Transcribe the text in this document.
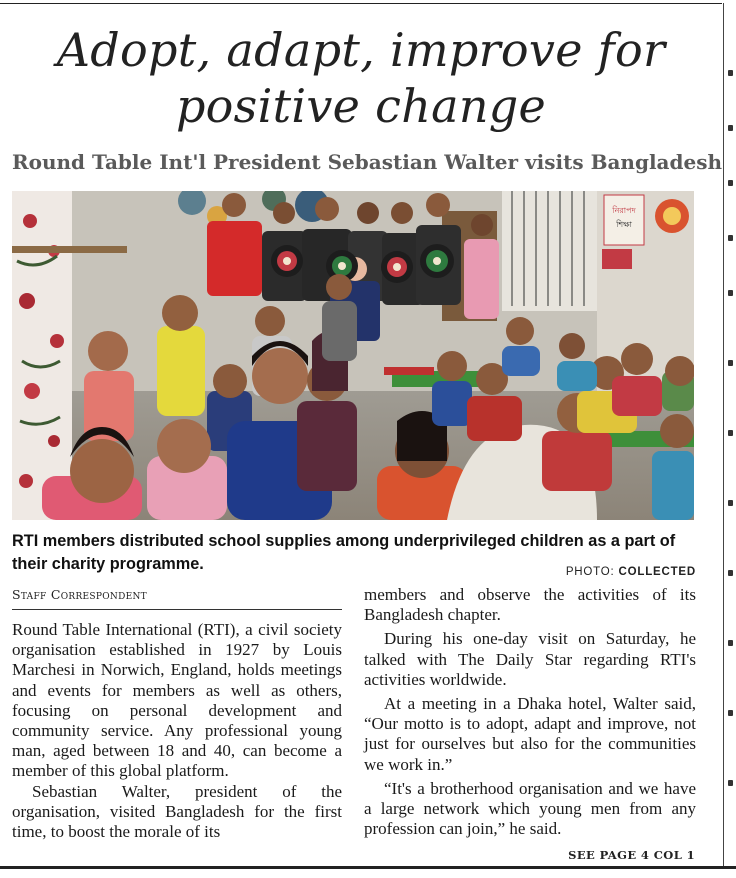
Adopt, adapt, improve for
positive change
Round Table Int'l President Sebastian Walter visits Bangladesh
নিরাপদ
শিক্ষা
RTI members distributed school supplies among underprivileged children as a part of their charity programme.	PHOTO: COLLECTED
Staff Correspondent

Round Table International (RTI), a civil society organisation established in 1927 by Louis Marchesi in Norwich, England, holds meetings and events for members as well as others, focusing on personal development and community service. Any professional young man, aged between 18 and 40, can become a member of this global platform.

Sebastian Walter, president of the organisation, visited Bangladesh for the first time, to boost the morale of its

members and observe the activities of its Bangladesh chapter.

During his one-day visit on Saturday, he talked with The Daily Star regarding RTI's activities worldwide.

At a meeting in a Dhaka hotel, Walter said, “Our motto is to adopt, adapt and improve, not just for ourselves but also for the communities we work in.”

“It's a brotherhood organisation and we have a large network which young men from any profession can join,” he said.

SEE PAGE 4 COL 1
